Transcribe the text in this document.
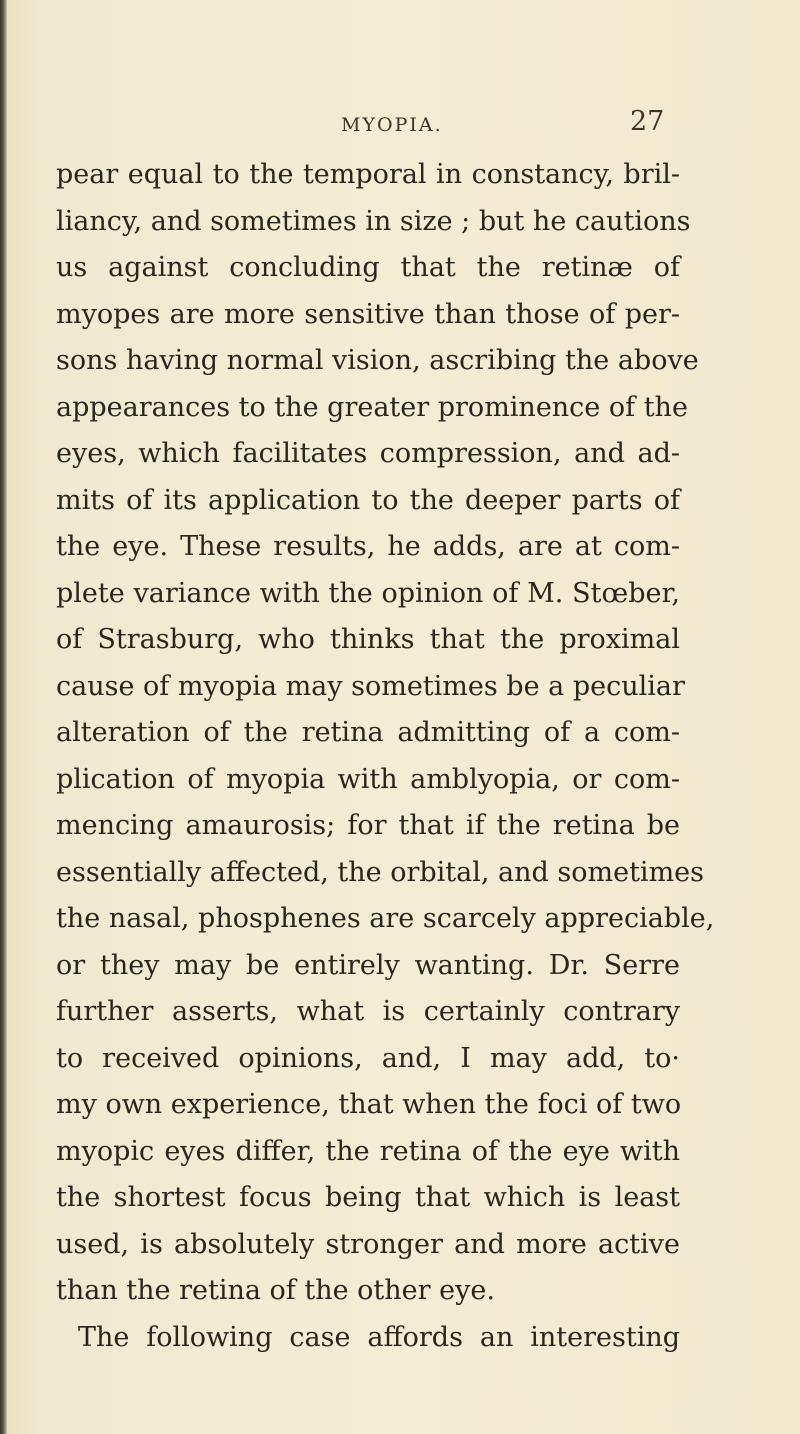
MYOPIA.	27
pear equal to the temporal in constancy, bril-
liancy, and sometimes in size ; but he cautions
us against concluding that the retinæ of
myopes are more sensitive than those of per-
sons having normal vision, ascribing the above
appearances to the greater prominence of the
eyes, which facilitates compression, and ad-
mits of its application to the deeper parts of
the eye. These results, he adds, are at com-
plete variance with the opinion of M. Stœber,
of Strasburg, who thinks that the proximal
cause of myopia may sometimes be a peculiar
alteration of the retina admitting of a com-
plication of myopia with amblyopia, or com-
mencing amaurosis; for that if the retina be
essentially affected, the orbital, and sometimes
the nasal, phosphenes are scarcely appreciable,
or they may be entirely wanting. Dr. Serre
further asserts, what is certainly contrary
to received opinions, and, I may add, to·
my own experience, that when the foci of two
myopic eyes differ, the retina of the eye with
the shortest focus being that which is least
used, is absolutely stronger and more active
than the retina of the other eye.
The following case affords an interesting
